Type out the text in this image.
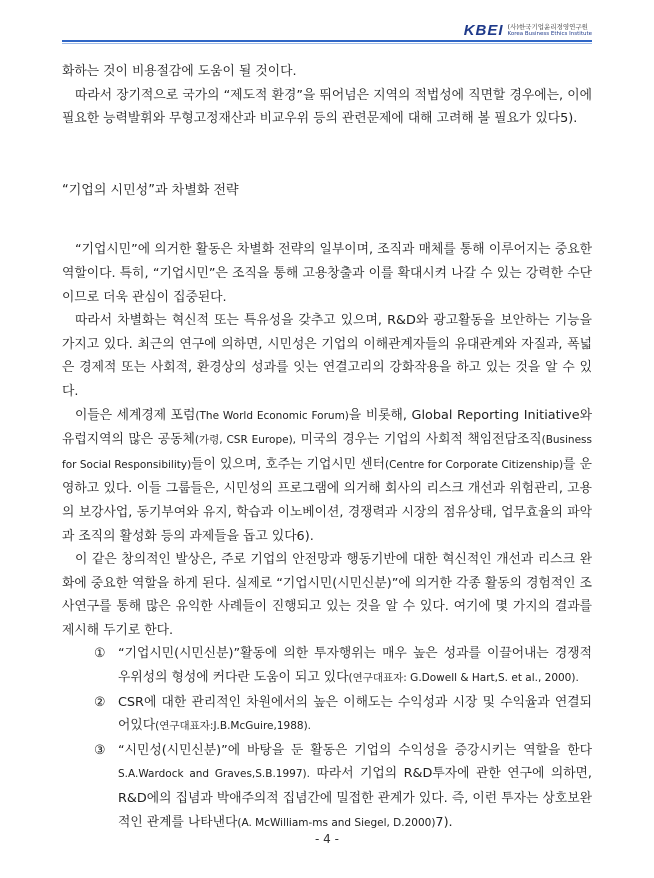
KBEI (사)한국기업윤리경영연구원
Korea Business Ethics Institute

화하는 것이 비용절감에 도움이 될 것이다.

따라서 장기적으로 국가의 “제도적 환경”을 뛰어넘은 지역의 적법성에 직면할 경우에는, 이에 필요한 능력발휘와 무형고정재산과 비교우위 등의 관련문제에 대해 고려해 볼 필요가 있다5).

“기업의 시민성”과 차별화 전략

“기업시민”에 의거한 활동은 차별화 전략의 일부이며, 조직과 매체를 통해 이루어지는 중요한 역할이다. 특히, “기업시민”은 조직을 통해 고용창출과 이를 확대시켜 나갈 수 있는 강력한 수단이므로 더욱 관심이 집중된다.

따라서 차별화는 혁신적 또는 특유성을 갖추고 있으며, R&D와 광고활동을 보안하는 기능을 가지고 있다. 최근의 연구에 의하면, 시민성은 기업의 이해관계자들의 유대관계와 자질과, 폭넓은 경제적 또는 사회적, 환경상의 성과를 잇는 연결고리의 강화작용을 하고 있는 것을 알 수 있다.

이들은 세계경제 포럼(The World Economic Forum)을 비롯해, Global Reporting Initiative와 유럽지역의 많은 공동체(가령, CSR Europe), 미국의 경우는 기업의 사회적 책임전담조직(Business for Social Responsibility)들이 있으며, 호주는 기업시민 센터(Centre for Corporate Citizenship)를 운영하고 있다. 이들 그룹들은, 시민성의 프로그램에 의거해 회사의 리스크 개선과 위험관리, 고용의 보강사업, 동기부여와 유지, 학습과 이노베이션, 경쟁력과 시장의 점유상태, 업무효율의 파악과 조직의 활성화 등의 과제들을 돕고 있다6).

이 같은 창의적인 발상은, 주로 기업의 안전망과 행동기반에 대한 혁신적인 개선과 리스크 완화에 중요한 역할을 하게 된다. 실제로 “기업시민(시민신분)”에 의거한 각종 활동의 경험적인 조사연구를 통해 많은 유익한 사례들이 진행되고 있는 것을 알 수 있다. 여기에 몇 가지의 결과를 제시해 두기로 한다.

① “기업시민(시민신분)”활동에 의한 투자행위는 매우 높은 성과를 이끌어내는 경쟁적 우위성의 형성에 커다란 도움이 되고 있다(연구대표자: G.Dowell & Hart,S. et al., 2000).
② CSR에 대한 관리적인 차원에서의 높은 이해도는 수익성과 시장 및 수익율과 연결되어있다(연구대표자:J.B.McGuire,1988).
③ “시민성(시민신분)”에 바탕을 둔 활동은 기업의 수익성을 증강시키는 역할을 한다S.A.Wardock and Graves,S.B.1997). 따라서 기업의 R&D투자에 관한 연구에 의하면, R&D에의 집념과 박애주의적 집념간에 밀접한 관계가 있다. 즉, 이런 투자는 상호보완적인 관계를 나타낸다(A. McWilliam-ms and Siegel, D.2000)7).
- 4 -
